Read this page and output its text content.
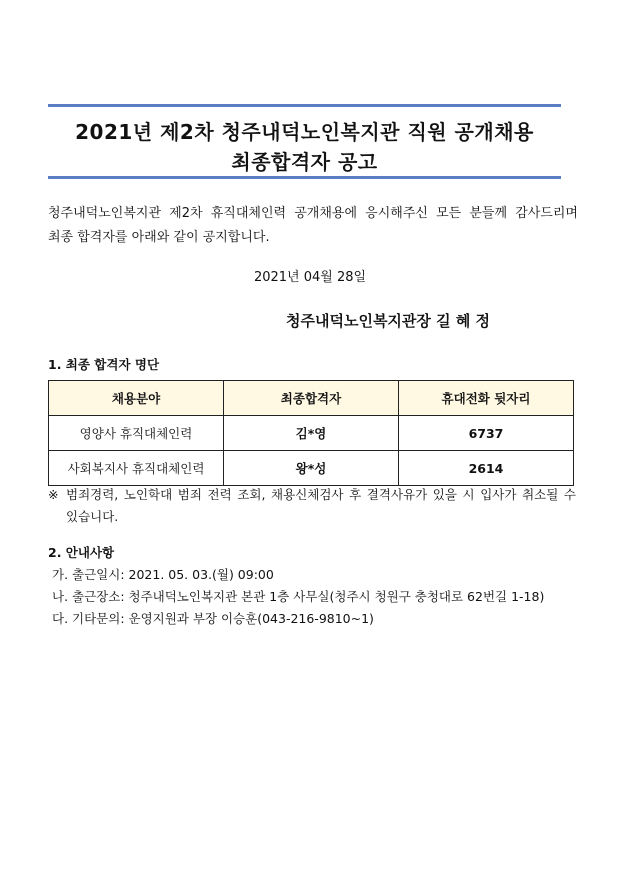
2021년 제2차 청주내덕노인복지관 직원 공개채용
최종합격자 공고
청주내덕노인복지관 제2차 휴직대체인력 공개채용에 응시해주신 모든 분들께 감사드리며 최종 합격자를 아래와 같이 공지합니다.
2021년 04월 28일
청주내덕노인복지관장 길 혜 정
1. 최종 합격자 명단
채용분야	최종합격자	휴대전화 뒷자리
영양사 휴직대체인력	김*영	6737
사회복지사 휴직대체인력	왕*성	2614
※ 범죄경력, 노인학대 범죄 전력 조회, 채용신체검사 후 결격사유가 있을 시 입사가 취소될 수 있습니다.
2. 안내사항
가. 출근일시: 2021. 05. 03.(월) 09:00
나. 출근장소: 청주내덕노인복지관 본관 1층 사무실(청주시 청원구 충청대로 62번길 1-18)
다. 기타문의: 운영지원과 부장 이승훈(043-216-9810~1)
